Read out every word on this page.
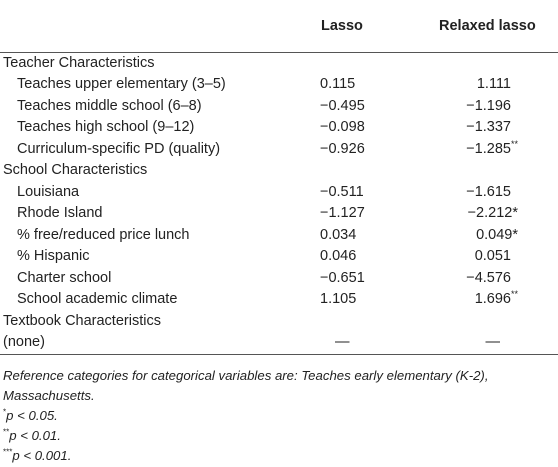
	Lasso	Relaxed lasso
Teacher Characteristics		
Teaches upper elementary (3–5)	0.115	1.111
Teaches middle school (6–8)	−0.495	−1.196
Teaches high school (9–12)	−0.098	−1.337
Curriculum-specific PD (quality)	−0.926	−1.285**
School Characteristics		
Louisiana	−0.511	−1.615
Rhode Island	−1.127	−2.212*
% free/reduced price lunch	0.034	0.049*
% Hispanic	0.046	0.051
Charter school	−0.651	−4.576
School academic climate	1.105	1.696**
Textbook Characteristics		
(none)	—	—
Reference categories for categorical variables are: Teaches early elementary (K-2), Massachusetts.
*p < 0.05.
**p < 0.01.
***p < 0.001.
